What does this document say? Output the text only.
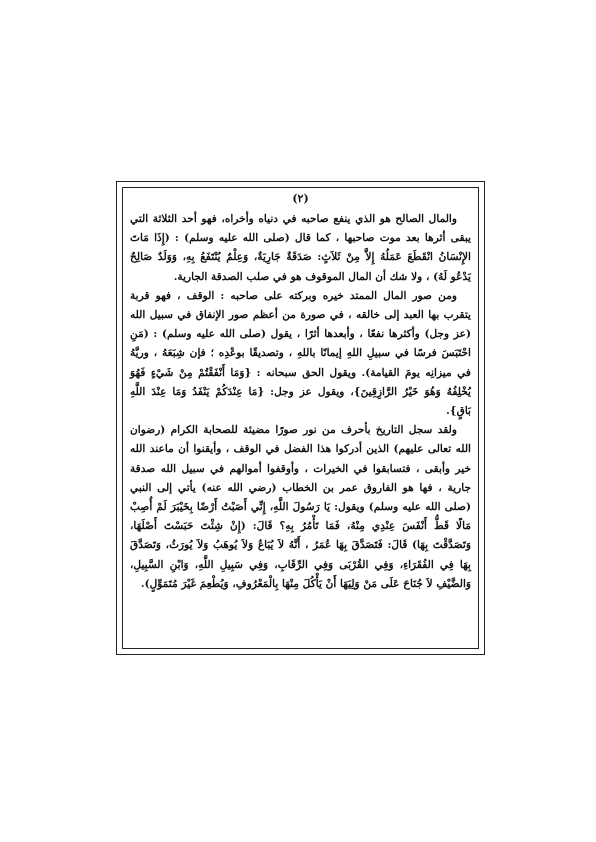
(٢)

والمال الصالح هو الذي ينفع صاحبه في دنياه وأخراه، فهو أحد الثلاثة التي يبقى أثرها بعد موت صاحبها ، كما قال (صلى الله عليه وسلم) : (إِذَا مَاتَ الإِنْسَانُ انْقَطَعَ عَمَلُهُ إِلاَّ مِنْ ثَلاَثٍ: صَدَقَةٌ جَارِيَةٌ، وَعِلْمٌ يُنْتَفَعُ بِهِ، وَوَلَدٌ صَالِحٌ يَدْعُو لَهُ) ، ولا شك أن المال الموقوف هو في صلب الصدقة الجارية.

ومن صور المال الممتد خيره وبركته على صاحبه : الوقف ، فهو قربة يتقرب بها العبد إلى خالقه ، في صورة من أعظم صور الإنفاق في سبيل الله (عز وجل) وأكثرها نفعًا ، وأبعدها أثرًا ، يقول (صلى الله عليه وسلم) : (مَنِ احْتَبَسَ فرسًا في سبيلِ اللهِ إيمانًا باللهِ ، وتصديقًا بوعْدِه ؛ فإن شِبَعَهُ ، وريَّهُ في ميزانِه يومَ القيامة). ويقول الحق سبحانه : {وَمَا أَنْفَقْتُمْ مِنْ شَيْءٍ فَهُوَ يُخْلِفُهُ وَهُوَ خَيْرُ الرَّازِقِينَ}، ويقول عز وجل: {مَا عِنْدَكُمْ يَنْفَدُ وَمَا عِنْدَ اللَّهِ بَاقٍ}.

ولقد سجل التاريخ بأحرف من نور صورًا مضيئة للصحابة الكرام (رضوان الله تعالى عليهم) الذين أدركوا هذا الفضل في الوقف ، وأيقنوا أن ماعند الله خير وأبقى ، فتسابقوا في الخيرات ، وأوقفوا أموالهم في سبيل الله صدقة جارية ، فها هو الفاروق عمر بن الخطاب (رضي الله عنه) يأتي إلى النبي (صلى الله عليه وسلم) ويقول: يَا رَسُولَ اللَّهِ، إِنِّي أَصَبْتُ أَرْضًا بِخَيْبَرَ لَمْ أُصِبْ مَالًا قَطُّ أَنْفَسَ عِنْدِي مِنْهُ، فَمَا تَأْمُرُ بِهِ؟ قَالَ: (إِنْ شِئْتَ حَبَسْتَ أَصْلَهَا، وَتَصَدَّقْتَ بِهَا) قَالَ: فَتَصَدَّقَ بِهَا عُمَرُ ، أَنَّهُ لاَ يُبَاعُ وَلاَ يُوهَبُ وَلاَ يُورَثُ، وَتَصَدَّقَ بِهَا فِي الفُقَرَاءِ، وَفِي القُرْبَى وَفِي الرِّقَابِ، وَفِي سَبِيلِ اللَّهِ، وَابْنِ السَّبِيلِ، وَالضَّيْفِ لاَ جُنَاحَ عَلَى مَنْ وَلِيَهَا أَنْ يَأْكُلَ مِنْهَا بِالْمَعْرُوفِ، وَيُطْعِمَ غَيْرَ مُتَمَوِّلٍ).
